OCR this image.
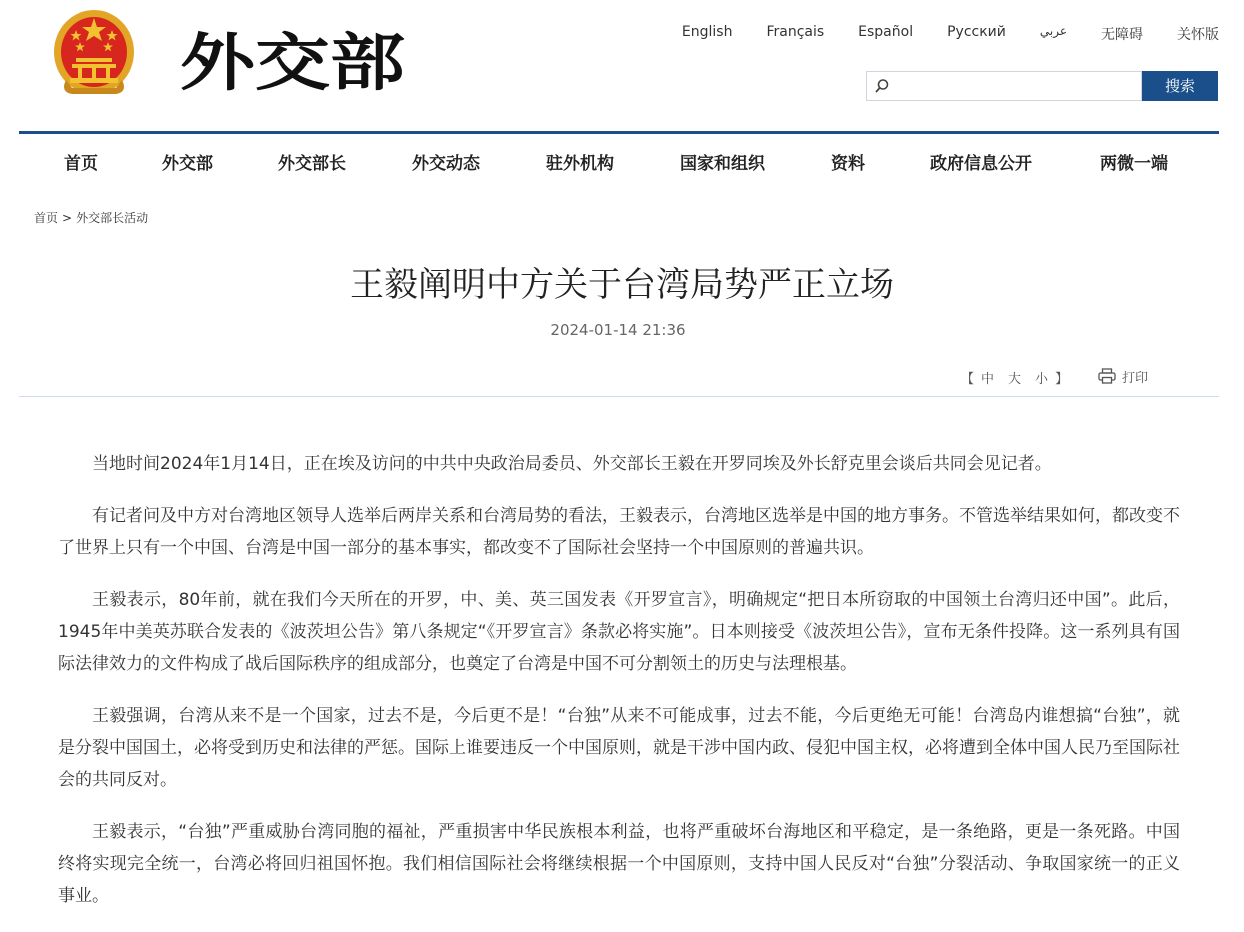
外交部	English Français Español Русский	عربي 无障碍 关怀版
搜索
首页	外交部	外交部长	外交动态	驻外机构	国家和组织	资料	政府信息公开	两微一端
首页 > 外交部长活动
王毅阐明中方关于台湾局势严正立场
2024-01-14 21:36
【 中 大 小 】	打印

当地时间2024年1月14日，正在埃及访问的中共中央政治局委员、外交部长王毅在开罗同埃及外长舒克里会谈后共同会见记者。

有记者问及中方对台湾地区领导人选举后两岸关系和台湾局势的看法，王毅表示，台湾地区选举是中国的地方事务。不管选举结果如何，都改变不了世界上只有一个中国、台湾是中国一部分的基本事实，都改变不了国际社会坚持一个中国原则的普遍共识。

王毅表示，80年前，就在我们今天所在的开罗，中、美、英三国发表《开罗宣言》，明确规定“把日本所窃取的中国领土台湾归还中国”。此后，1945年中美英苏联合发表的《波茨坦公告》第八条规定“《开罗宣言》条款必将实施”。日本则接受《波茨坦公告》，宣布无条件投降。这一系列具有国际法律效力的文件构成了战后国际秩序的组成部分，也奠定了台湾是中国不可分割领土的历史与法理根基。

王毅强调，台湾从来不是一个国家，过去不是，今后更不是！“台独”从来不可能成事，过去不能，今后更绝无可能！台湾岛内谁想搞“台独”，就是分裂中国国土，必将受到历史和法律的严惩。国际上谁要违反一个中国原则，就是干涉中国内政、侵犯中国主权，必将遭到全体中国人民乃至国际社会的共同反对。

王毅表示，“台独”严重威胁台湾同胞的福祉，严重损害中华民族根本利益，也将严重破坏台海地区和平稳定，是一条绝路，更是一条死路。中国终将实现完全统一，台湾必将回归祖国怀抱。我们相信国际社会将继续根据一个中国原则，支持中国人民反对“台独”分裂活动、争取国家统一的正义事业。
